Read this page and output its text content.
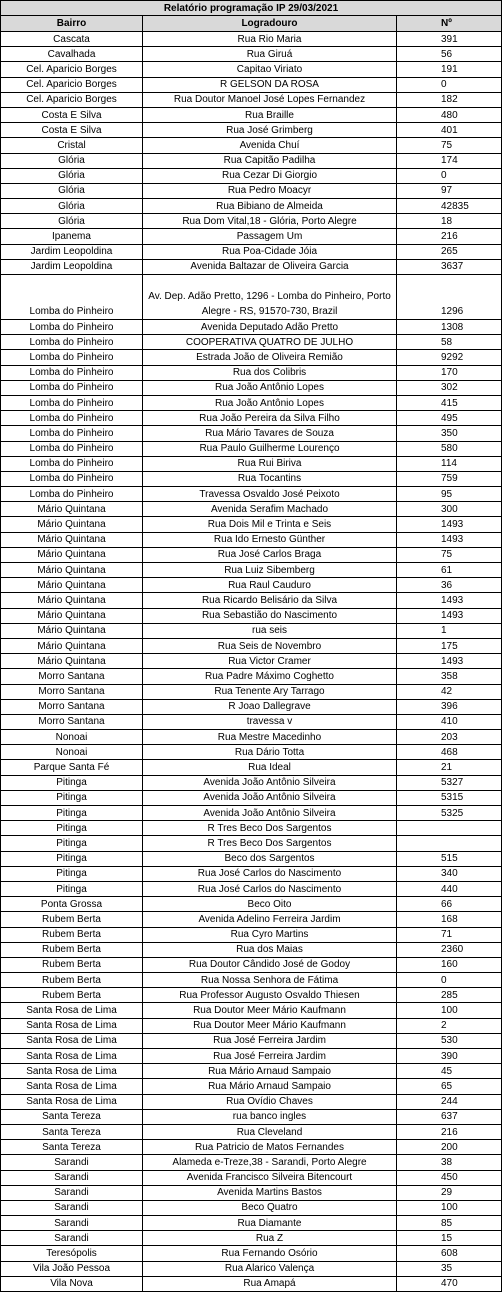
Relatório programação IP 29/03/2021		
Bairro	Logradouro	Nº
Cascata	Rua Rio Maria	391
Cavalhada	Rua Giruá	56
Cel. Aparicio Borges	Capitao Viriato	191
Cel. Aparicio Borges	R GELSON DA ROSA	0
Cel. Aparicio Borges	Rua Doutor Manoel José Lopes Fernandez	182
Costa E Silva	Rua Braille	480
Costa E Silva	Rua José Grimberg	401
Cristal	Avenida Chuí	75
Glória	Rua Capitão Padilha	174
Glória	Rua Cezar Di Giorgio	0
Glória	Rua Pedro Moacyr	97
Glória	Rua Bibiano de Almeida	42835
Glória	Rua Dom Vital,18 - Glória, Porto Alegre	18
Ipanema	Passagem Um	216
Jardim Leopoldina	Rua Poa-Cidade Jóia	265
Jardim Leopoldina	Avenida Baltazar de Oliveira Garcia	3637
Lomba do Pinheiro	Av. Dep. Adão Pretto, 1296 - Lomba do Pinheiro, Porto Alegre - RS, 91570-730, Brazil	1296
Lomba do Pinheiro	Avenida Deputado Adão Pretto	1308
Lomba do Pinheiro	COOPERATIVA QUATRO DE JULHO	58
Lomba do Pinheiro	Estrada João de Oliveira Remião	9292
Lomba do Pinheiro	Rua dos Colibris	170
Lomba do Pinheiro	Rua João Antônio Lopes	302
Lomba do Pinheiro	Rua João Antônio Lopes	415
Lomba do Pinheiro	Rua João Pereira da Silva Filho	495
Lomba do Pinheiro	Rua Mário Tavares de Souza	350
Lomba do Pinheiro	Rua Paulo Guilherme Lourenço	580
Lomba do Pinheiro	Rua Rui Biriva	114
Lomba do Pinheiro	Rua Tocantins	759
Lomba do Pinheiro	Travessa Osvaldo José Peixoto	95
Mário Quintana	Avenida Serafim Machado	300
Mário Quintana	Rua Dois Mil e Trinta e Seis	1493
Mário Quintana	Rua Ido Ernesto Günther	1493
Mário Quintana	Rua José Carlos Braga	75
Mário Quintana	Rua Luiz Sibemberg	61
Mário Quintana	Rua Raul Cauduro	36
Mário Quintana	Rua Ricardo Belisário da Silva	1493
Mário Quintana	Rua Sebastião do Nascimento	1493
Mário Quintana	rua seis	1
Mário Quintana	Rua Seis de Novembro	175
Mário Quintana	Rua Victor Cramer	1493
Morro Santana	Rua Padre Máximo Coghetto	358
Morro Santana	Rua Tenente Ary Tarrago	42
Morro Santana	R Joao Dallegrave	396
Morro Santana	travessa v	410
Nonoai	Rua Mestre Macedinho	203
Nonoai	Rua Dário Totta	468
Parque Santa Fé	Rua Ideal	21
Pitinga	Avenida João Antônio Silveira	5327
Pitinga	Avenida João Antônio Silveira	5315
Pitinga	Avenida João Antônio Silveira	5325
Pitinga	R Tres Beco Dos Sargentos	
Pitinga	R Tres Beco Dos Sargentos	
Pitinga	Beco dos Sargentos	515
Pitinga	Rua José Carlos do Nascimento	340
Pitinga	Rua José Carlos do Nascimento	440
Ponta Grossa	Beco Oito	66
Rubem Berta	Avenida Adelino Ferreira Jardim	168
Rubem Berta	Rua Cyro Martins	71
Rubem Berta	Rua dos Maias	2360
Rubem Berta	Rua Doutor Cândido José de Godoy	160
Rubem Berta	Rua Nossa Senhora de Fátima	0
Rubem Berta	Rua Professor Augusto Osvaldo Thiesen	285
Santa Rosa de Lima	Rua Doutor Meer Mário Kaufmann	100
Santa Rosa de Lima	Rua Doutor Meer Mário Kaufmann	2
Santa Rosa de Lima	Rua José Ferreira Jardim	530
Santa Rosa de Lima	Rua José Ferreira Jardim	390
Santa Rosa de Lima	Rua Mário Arnaud Sampaio	45
Santa Rosa de Lima	Rua Mário Arnaud Sampaio	65
Santa Rosa de Lima	Rua Ovídio Chaves	244
Santa Tereza	rua banco ingles	637
Santa Tereza	Rua Cleveland	216
Santa Tereza	Rua Patricio de Matos Fernandes	200
Sarandi	Alameda e-Treze,38 - Sarandi, Porto Alegre	38
Sarandi	Avenida Francisco Silveira Bitencourt	450
Sarandi	Avenida Martins Bastos	29
Sarandi	Beco Quatro	100
Sarandi	Rua Diamante	85
Sarandi	Rua Z	15
Teresópolis	Rua Fernando Osório	608
Vila João Pessoa	Rua Alarico Valença	35
Vila Nova	Rua Amapá	470
